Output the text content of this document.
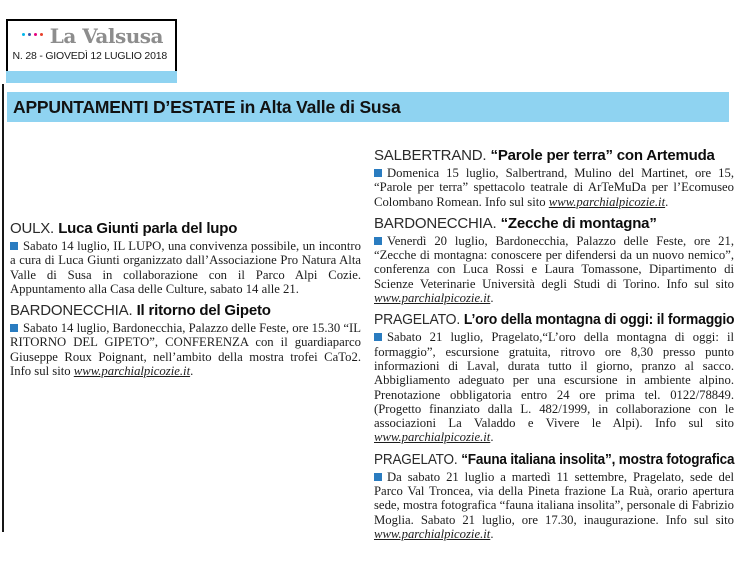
La Valsusa
N. 28 - GIOVEDÌ 12 LUGLIO 2018
APPUNTAMENTI D’ESTATE in Alta Valle di Susa
OULX. Luca Giunti parla del lupo

Sabato 14 luglio, IL LUPO, una convivenza possibile, un incontro a cura di Luca Giunti organizzato dall’Associazione Pro Natura Alta Valle di Susa in collaborazione con il Parco Alpi Cozie. Appuntamento alla Casa delle Culture, sabato 14 alle 21.

BARDONECCHIA. Il ritorno del Gipeto

Sabato 14 luglio, Bardonecchia, Palazzo delle Feste, ore 15.30 “IL RITORNO DEL GIPETO”, CONFERENZA con il guardiaparco Giuseppe Roux Poignant, nell’ambito della mostra trofei CaTo2. Info sul sito www.parchialpicozie.it.

SALBERTRAND. “Parole per terra” con Artemuda

Domenica 15 luglio, Salbertrand, Mulino del Martinet, ore 15, “Parole per terra” spettacolo teatrale di ArTeMuDa per l’Ecomuseo Colombano Romean. Info sul sito www.parchialpicozie.it.

BARDONECCHIA. “Zecche di montagna”

Venerdì 20 luglio, Bardonecchia, Palazzo delle Feste, ore 21, “Zecche di montagna: conoscere per difendersi da un nuovo nemico”, conferenza con Luca Rossi e Laura Tomassone, Dipartimento di Scienze Veterinarie Università degli Studi di Torino. Info sul sito www.parchialpicozie.it.

PRAGELATO. L’oro della montagna di oggi: il formaggio

Sabato 21 luglio, Pragelato,“L’oro della montagna di oggi: il formaggio”, escursione gratuita, ritrovo ore 8,30 presso punto informazioni di Laval, durata tutto il giorno, pranzo al sacco. Abbigliamento adeguato per una escursione in ambiente alpino. Prenotazione obbligatoria entro 24 ore prima tel. 0122/78849. (Progetto finanziato dalla L. 482/1999, in collaborazione con le associazioni La Valaddo e Vivere le Alpi). Info sul sito www.parchialpicozie.it.

PRAGELATO. “Fauna italiana insolita”, mostra fotografica

Da sabato 21 luglio a martedì 11 settembre, Pragelato, sede del Parco Val Troncea, via della Pineta frazione La Ruà, orario apertura sede, mostra fotografica “fauna italiana insolita”, personale di Fabrizio Moglia. Sabato 21 luglio, ore 17.30, inaugurazione. Info sul sito www.parchialpicozie.it.
